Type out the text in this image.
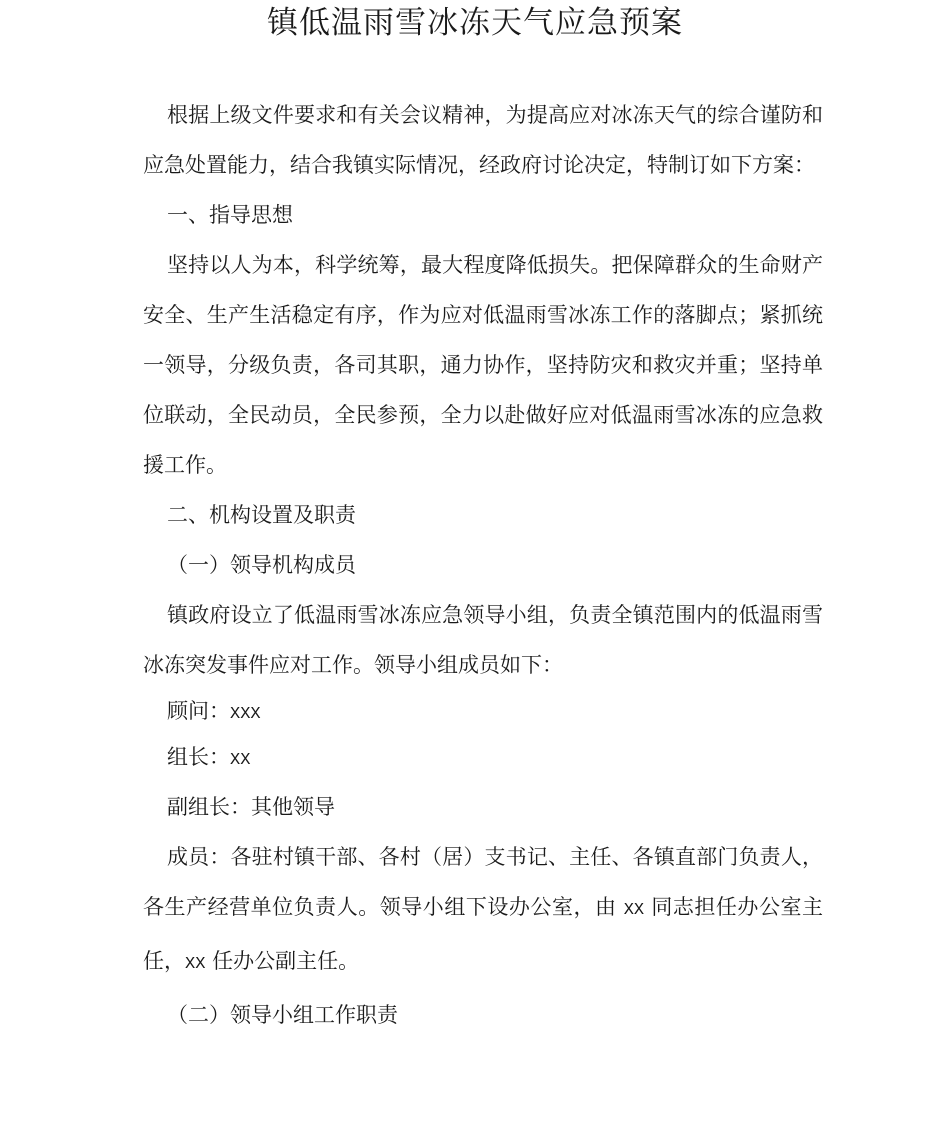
镇低温雨雪冰冻天气应急预案

根据上级文件要求和有关会议精神，为提高应对冰冻天气的综合谨防和应急处置能力，结合我镇实际情况，经政府讨论决定，特制订如下方案：

一、指导思想

坚持以人为本，科学统筹，最大程度降低损失。把保障群众的生命财产安全、生产生活稳定有序，作为应对低温雨雪冰冻工作的落脚点；紧抓统一领导，分级负责，各司其职，通力协作，坚持防灾和救灾并重；坚持单位联动，全民动员，全民参预，全力以赴做好应对低温雨雪冰冻的应急救援工作。

二、机构设置及职责

（一）领导机构成员

镇政府设立了低温雨雪冰冻应急领导小组，负责全镇范围内的低温雨雪冰冻突发事件应对工作。领导小组成员如下：

顾问：XXX

组长：XX

副组长：其他领导

成员：各驻村镇干部、各村（居）支书记、主任、各镇直部门负责人，各生产经营单位负责人。领导小组下设办公室，由 XX 同志担任办公室主任，XX 任办公副主任。

（二）领导小组工作职责
